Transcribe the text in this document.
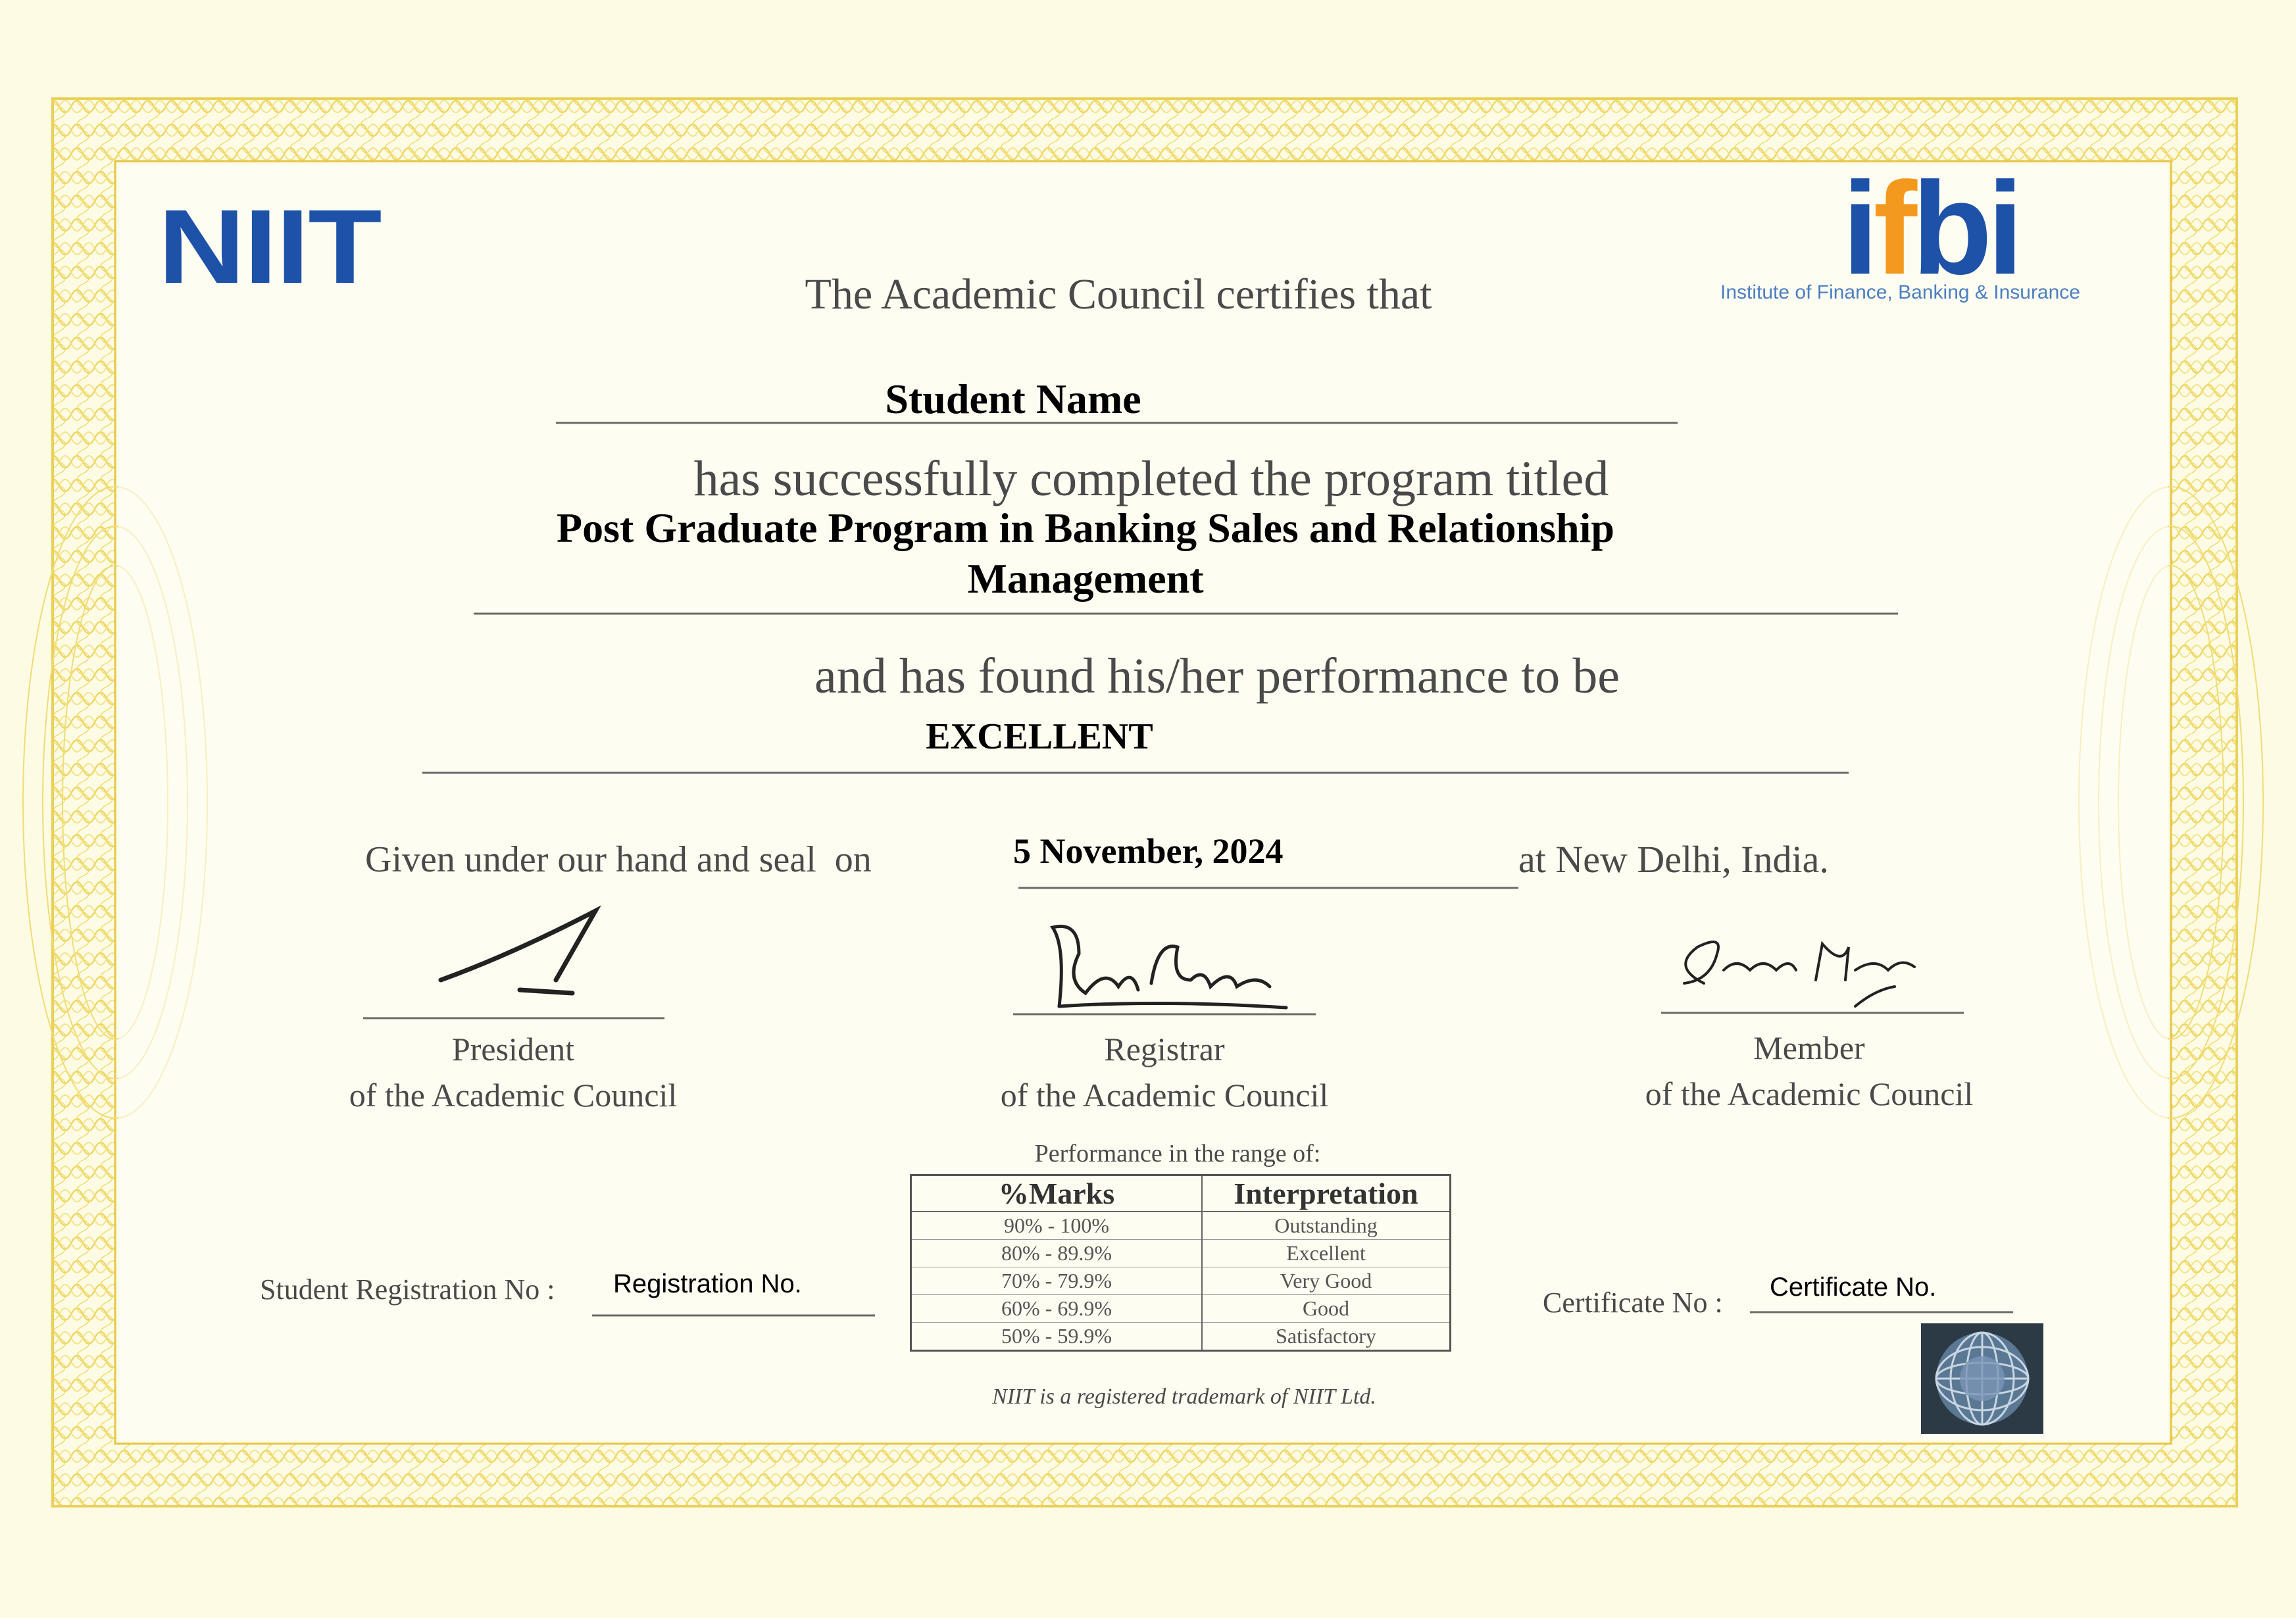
NIIT	ifbi
Institute of Finance, Banking & Insurance
The Academic Council certifies that
Student Name
has successfully completed the program titled
Post Graduate Program in Banking Sales and Relationship Management
and has found his/her performance to be
EXCELLENT
Given under our hand and seal  on	5 November, 2024	at New Delhi, India.
President
of the Academic Council
Registrar
of the Academic Council
Member
of the Academic Council
Performance in the range of:
%Marks	Interpretation
90% - 100%	Outstanding
80% - 89.9%	Excellent
70% - 79.9%	Very Good
60% - 69.9%	Good
50% - 59.9%	Satisfactory
Student Registration No : Registration No.
Certificate No : Certificate No.
NIIT is a registered trademark of NIIT Ltd.
